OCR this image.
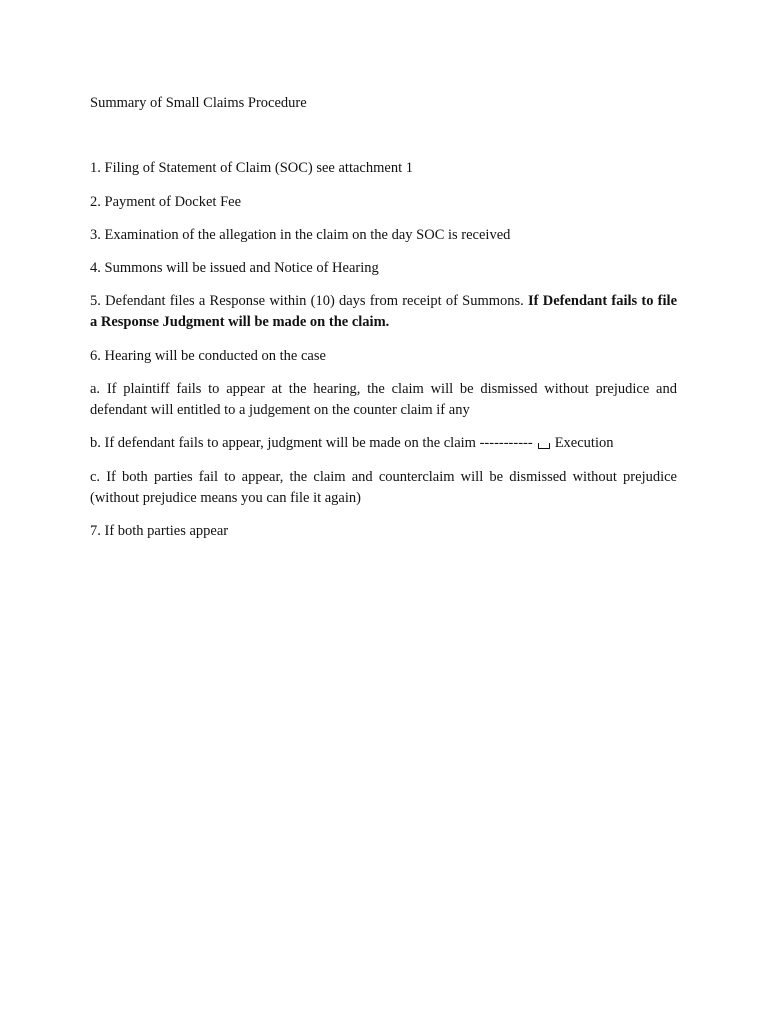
Summary of Small Claims Procedure
1. Filing of Statement of Claim (SOC) see attachment 1
2. Payment of Docket Fee
3. Examination of the allegation in the claim on the day SOC is received
4. Summons will be issued and Notice of Hearing
5. Defendant files a Response within (10) days from receipt of Summons. If Defendant fails to file a Response Judgment will be made on the claim.
6. Hearing will be conducted on the case
a. If plaintiff fails to appear at the hearing, the claim will be dismissed without prejudice and defendant will entitled to a judgement on the counter claim if any
b. If defendant fails to appear, judgment will be made on the claim ----------- Execution
c. If both parties fail to appear, the claim and counterclaim will be dismissed without prejudice (without prejudice means you can file it again)
7. If both parties appear
